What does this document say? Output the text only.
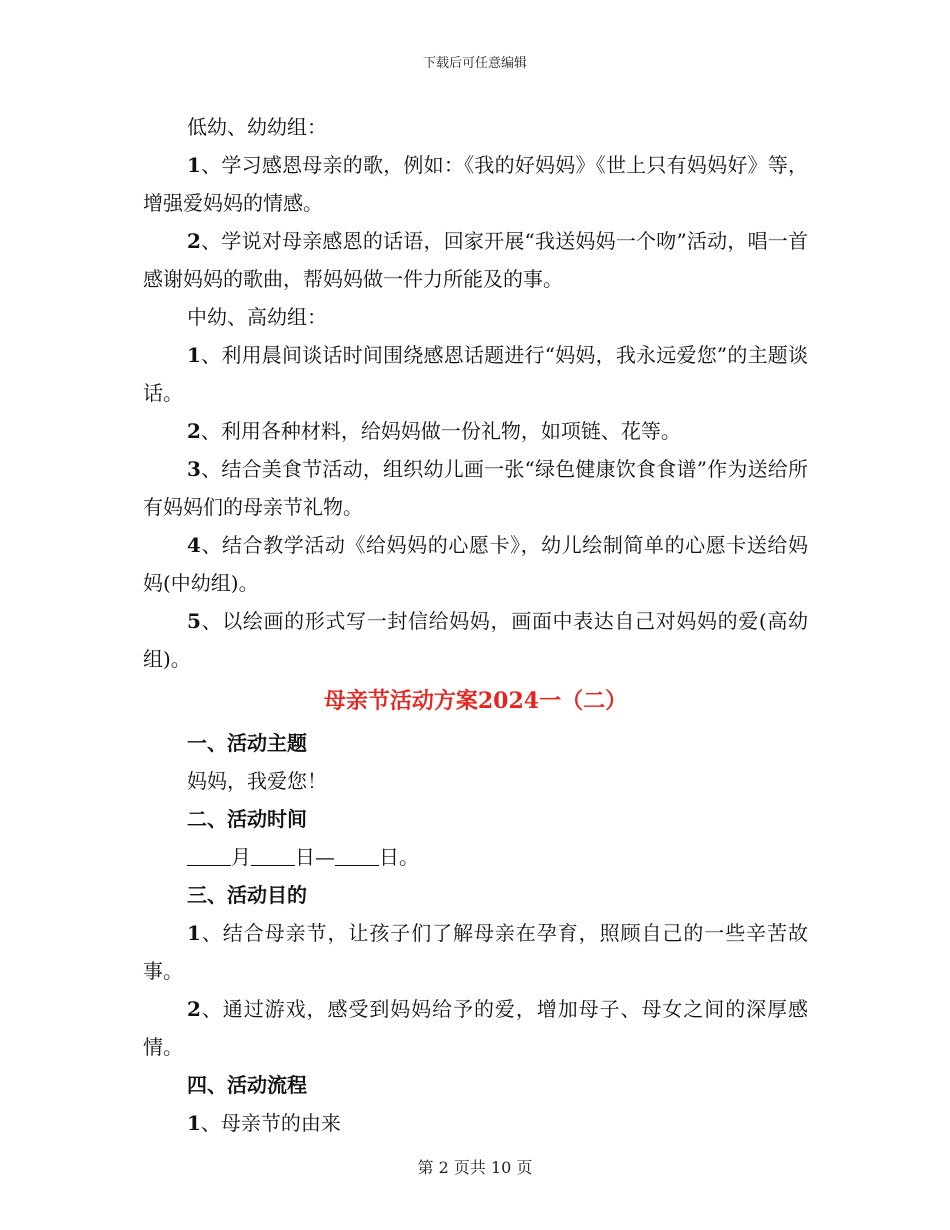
下载后可任意编辑

低幼、幼幼组：

1、学习感恩母亲的歌，例如：《我的好妈妈》《世上只有妈妈好》等，增强爱妈妈的情感。

2、学说对母亲感恩的话语，回家开展“我送妈妈一个吻”活动，唱一首感谢妈妈的歌曲，帮妈妈做一件力所能及的事。

中幼、高幼组：

1、利用晨间谈话时间围绕感恩话题进行“妈妈，我永远爱您”的主题谈话。

2、利用各种材料，给妈妈做一份礼物，如项链、花等。

3、结合美食节活动，组织幼儿画一张“绿色健康饮食食谱”作为送给所有妈妈们的母亲节礼物。

4、结合教学活动《给妈妈的心愿卡》，幼儿绘制简单的心愿卡送给妈妈(中幼组)。

5、以绘画的形式写一封信给妈妈，画面中表达自己对妈妈的爱(高幼组)。

母亲节活动方案2024一（二）

一、活动主题

妈妈，我爱您！

二、活动时间

月 日— 日。

三、活动目的

1、结合母亲节，让孩子们了解母亲在孕育，照顾自己的一些辛苦故事。

2、通过游戏，感受到妈妈给予的爱，增加母子、母女之间的深厚感情。

四、活动流程

1、母亲节的由来

第 2 页共 10 页
